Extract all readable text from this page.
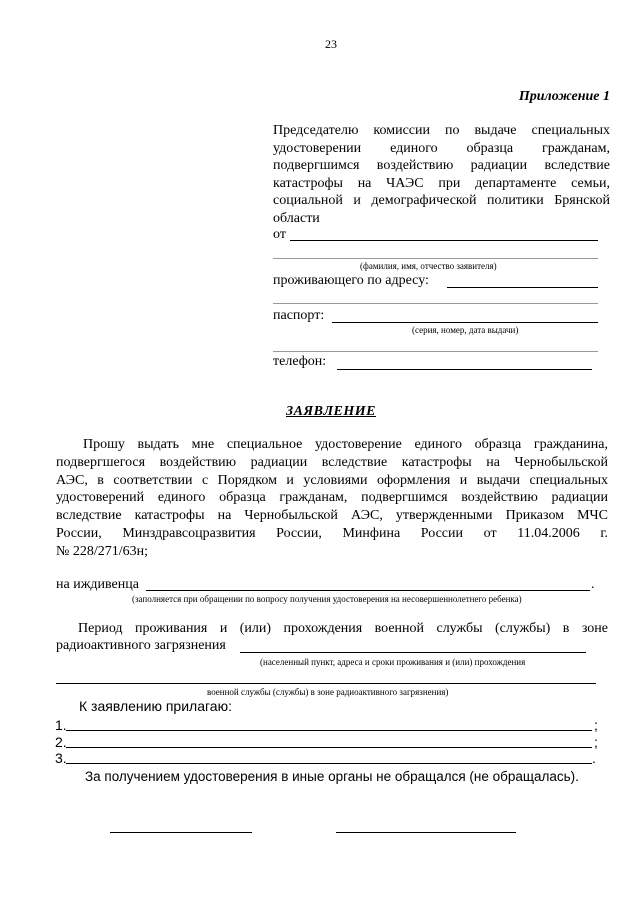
23
Приложение 1
Председателю комиссии по выдаче специальных
удостоверении единого образца гражданам,
подвергшимся воздействию радиации вследствие
катастрофы на ЧАЭС при департаменте семьи,
социальной и демографической политики Брянской
области
от
(фамилия, имя, отчество заявителя)
проживающего по адресу:
паспорт:
(серия, номер, дата выдачи)
телефон:
ЗАЯВЛЕНИЕ
Прошу выдать мне специальное удостоверение единого образца гражданина,
подвергшегося воздействию радиации вследствие катастрофы на Чернобыльской
АЭС, в соответствии с Порядком и условиями оформления и выдачи специальных
удостоверений единого образца гражданам, подвергшимся воздействию радиации
вследствие катастрофы на Чернобыльской АЭС, утвержденными Приказом МЧС
России, Минздравсоцразвития России, Минфина России от 11.04.2006 г.
№ 228/271/63н;
на иждивенца	.
(заполняется при обращении по вопросу получения удостоверения на несовершеннолетнего ребенка)
Период проживания и (или) прохождения военной службы (службы) в зоне
радиоактивного загрязнения
(населенный пункт, адреса и сроки проживания и (или) прохождения
военной службы (службы) в зоне радиоактивного загрязнения)
К заявлению прилагаю:
1.	;
2.	;
3.	.
За получением удостоверения в иные органы не обращался (не обращалась).
